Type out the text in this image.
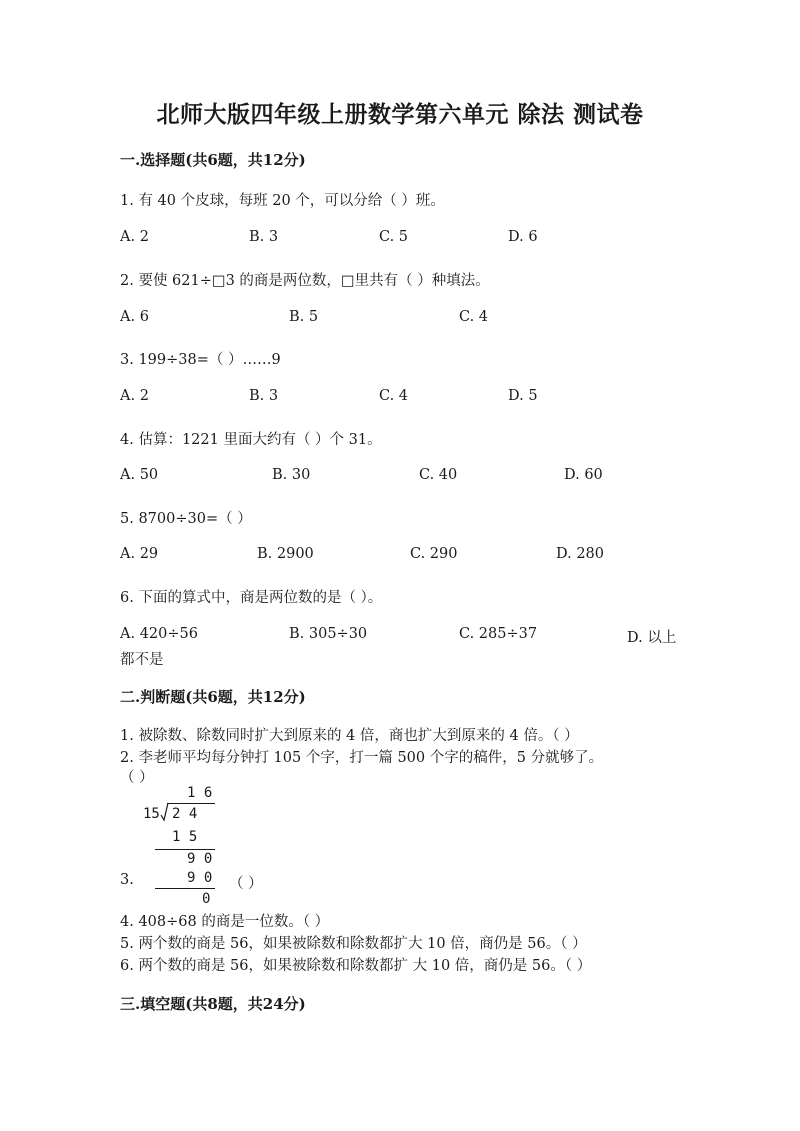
北师大版四年级上册数学第六单元 除法 测试卷
一.选择题(共6题，共12分)
1. 有 40 个皮球，每班 20 个，可以分给（ ）班。
A. 2	B. 3	C. 5	D. 6
2. 要使 621÷□3 的商是两位数，□里共有（ ）种填法。
A. 6	B. 5	C. 4
3. 199÷38=（ ）……9
A. 2	B. 3	C. 4	D. 5
4. 估算：1221 里面大约有（ ）个 31。
A. 50	B. 30	C. 40	D. 60
5. 8700÷30=（ ）
A. 29	B. 2900	C. 290	D. 280
6. 下面的算式中，商是两位数的是（ ）。
A. 420÷56	B. 305÷30	C. 285÷37	D. 以上
都不是
二.判断题(共6题，共12分)
1. 被除数、除数同时扩大到原来的 4 倍，商也扩大到原来的 4 倍。（ ）
2. 李老师平均每分钟打 105 个字，打一篇 500 个字的稿件，5 分就够了。
（ ）
1 6
15 2 4
1 5
9 0
9 0
0
3.	（ ）
4. 408÷68 的商是一位数。（ ）
5. 两个数的商是 56，如果被除数和除数都扩大 10 倍，商仍是 56。（ ）
6. 两个数的商是 56，如果被除数和除数都扩 大 10 倍，商仍是 56。（ ）
三.填空题(共8题，共24分)
